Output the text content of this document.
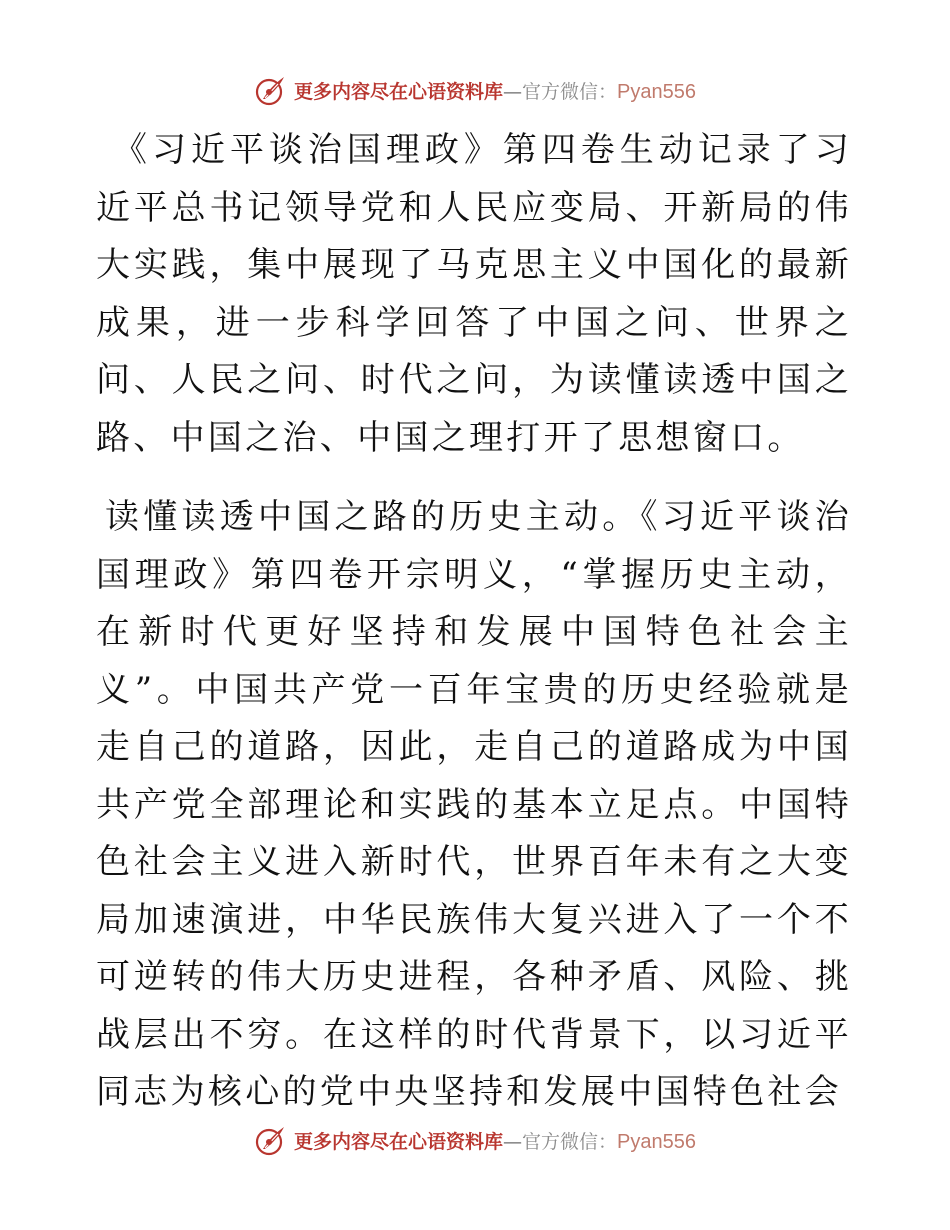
更多内容尽在心语资料库—官方微信：Pyan556

《习近平谈治国理政》第四卷生动记录了习近平总书记领导党和人民应变局、开新局的伟大实践，集中展现了马克思主义中国化的最新成果，进一步科学回答了中国之问、世界之问、人民之问、时代之问，为读懂读透中国之路、中国之治、中国之理打开了思想窗口。

读懂读透中国之路的历史主动。《习近平谈治国理政》第四卷开宗明义，“掌握历史主动，在新时代更好坚持和发展中国特色社会主义”。中国共产党一百年宝贵的历史经验就是走自己的道路，因此，走自己的道路成为中国共产党全部理论和实践的基本立足点。中国特色社会主义进入新时代，世界百年未有之大变局加速演进，中华民族伟大复兴进入了一个不可逆转的伟大历史进程，各种矛盾、风险、挑战层出不穷。在这样的时代背景下，以习近平同志为核心的党中央坚持和发展中国特色社会

更多内容尽在心语资料库—官方微信：Pyan556
